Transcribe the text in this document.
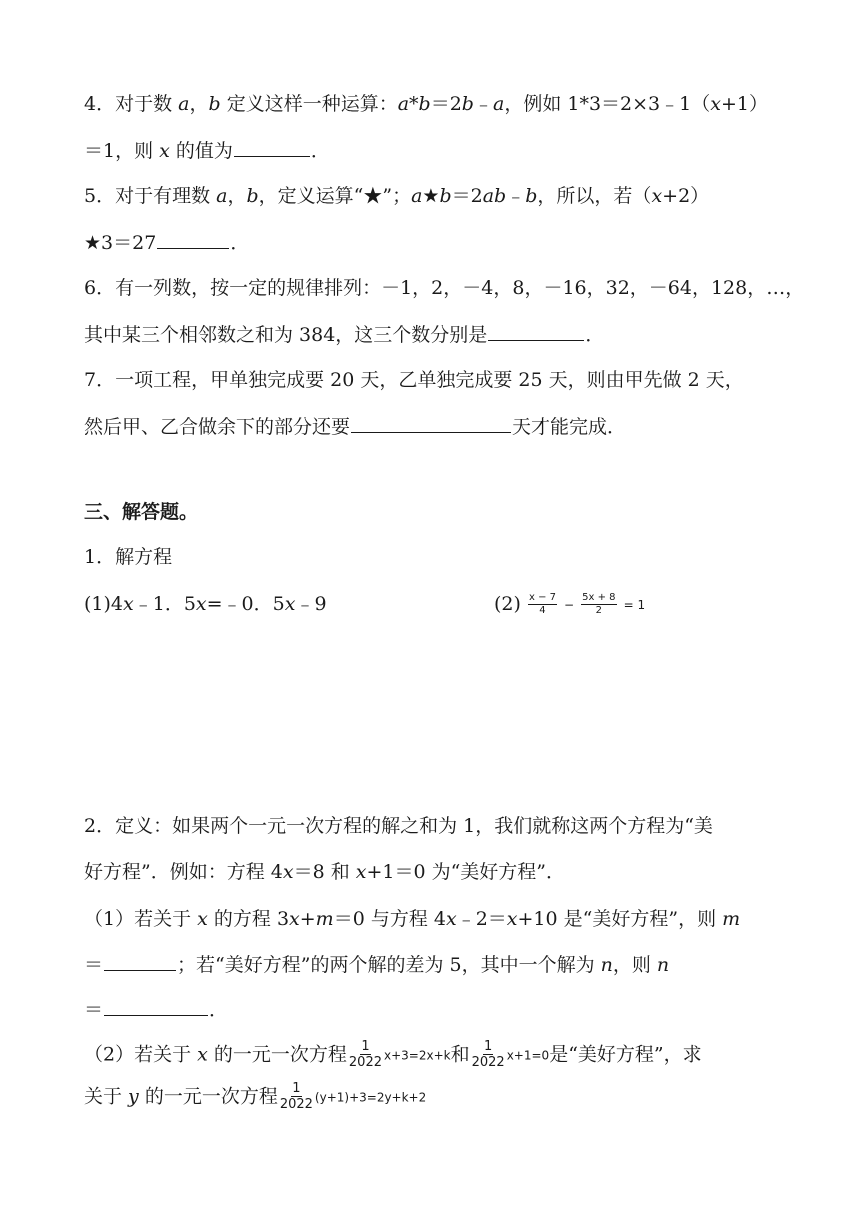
4．对于数 a，b 定义这样一种运算：a*b＝2b﹣a，例如 1*3＝2×3﹣1（x+1）
＝1，则 x 的值为	．
5．对于有理数 a，b，定义运算“★”；a★b＝2ab﹣b，所以，若（x+2）
★3＝27	．
6．有一列数，按一定的规律排列：－1，2，－4，8，－16，32，－64，128，…，
其中某三个相邻数之和为 384，这三个数分别是	．
7．一项工程，甲单独完成要 20 天，乙单独完成要 25 天，则由甲先做 2 天，
然后甲、乙合做余下的部分还要	天才能完成．
三、解答题。
1．解方程
(1)4x﹣1．5x=﹣0．5x﹣9	$(2) \frac{x - 7}{4} - \frac{5x + 8}{2} = 1$
2．定义：如果两个一元一次方程的解之和为 1，我们就称这两个方程为“美
好方程”．例如：方程 4x＝8 和 x+1＝0 为“美好方程”．
（1）若关于 x 的方程 3x+m＝0 与方程 4x﹣2＝x+10 是“美好方程”，则 m
＝	；若“美好方程”的两个解的差为 5，其中一个解为 n，则 n
＝	．
（2）若关于 x 的一元一次方程 $\frac{1}{2022} x+3=2x+k$和 $\frac{1}{2022} x+1=0$是“美好方程”，求
关于 y 的一元一次方程 $\frac{1}{2022} (y+1)+3=2y+k+2$
